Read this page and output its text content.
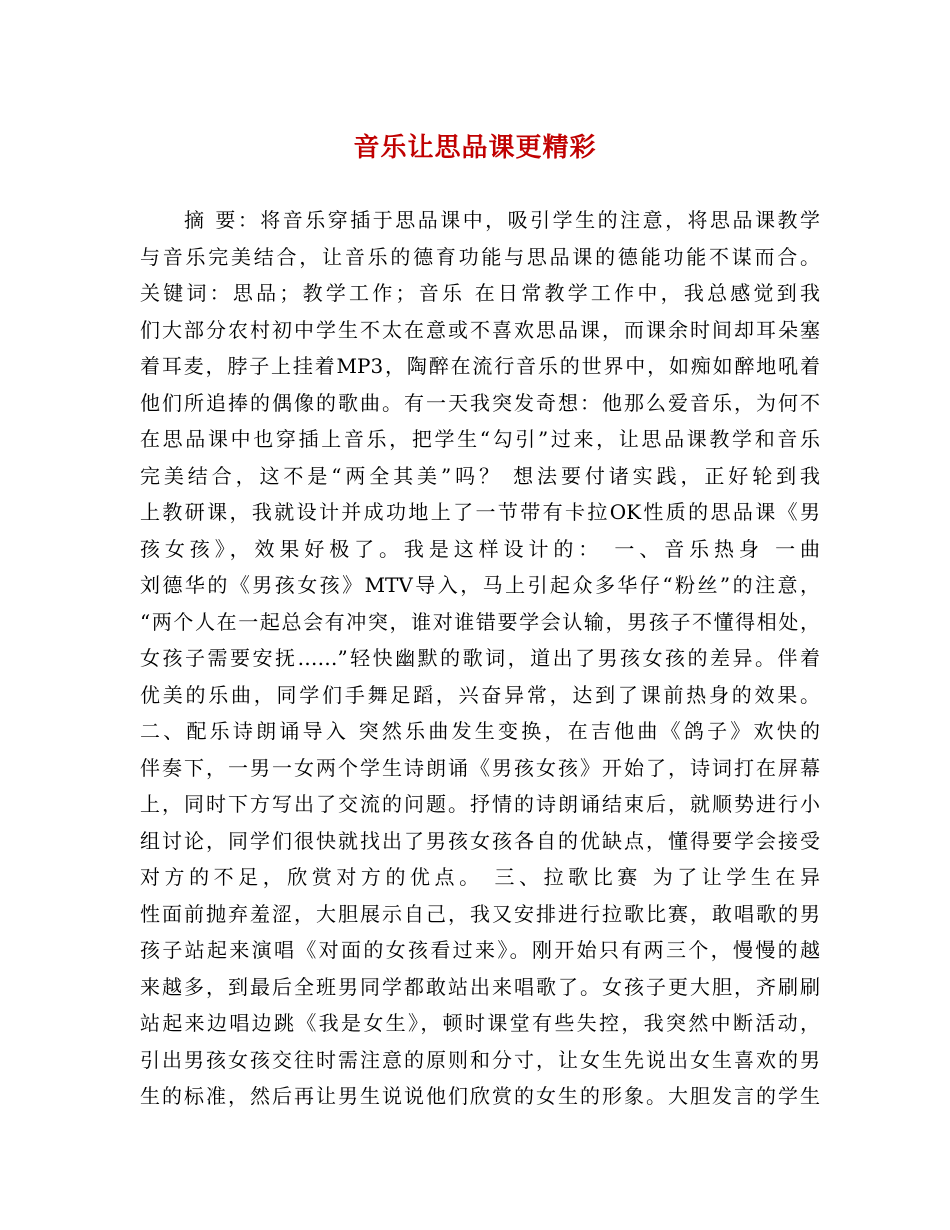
音乐让思品课更精彩
摘 要：将音乐穿插于思品课中，吸引学生的注意，将思品课教学
与音乐完美结合，让音乐的德育功能与思品课的德能功能不谋而合。
关键词：思品；教学工作；音乐 在日常教学工作中，我总感觉到我
们大部分农村初中学生不太在意或不喜欢思品课，而课余时间却耳朵塞
着耳麦，脖子上挂着MP3，陶醉在流行音乐的世界中，如痴如醉地吼着
他们所追捧的偶像的歌曲。有一天我突发奇想：他那么爱音乐，为何不
在思品课中也穿插上音乐，把学生“勾引”过来，让思品课教学和音乐
完美结合，这不是“两全其美”吗？ 想法要付诸实践，正好轮到我
上教研课，我就设计并成功地上了一节带有卡拉OK性质的思品课《男
孩女孩》，效果好极了。我是这样设计的： 一、音乐热身 一曲
刘德华的《男孩女孩》MTV导入，马上引起众多华仔“粉丝”的注意，
“两个人在一起总会有冲突，谁对谁错要学会认输，男孩子不懂得相处，
女孩子需要安抚……”轻快幽默的歌词，道出了男孩女孩的差异。伴着
优美的乐曲，同学们手舞足蹈，兴奋异常，达到了课前热身的效果。
二、配乐诗朗诵导入 突然乐曲发生变换，在吉他曲《鸽子》欢快的
伴奏下，一男一女两个学生诗朗诵《男孩女孩》开始了，诗词打在屏幕
上，同时下方写出了交流的问题。抒情的诗朗诵结束后，就顺势进行小
组讨论，同学们很快就找出了男孩女孩各自的优缺点，懂得要学会接受
对方的不足，欣赏对方的优点。 三、拉歌比赛 为了让学生在异
性面前抛弃羞涩，大胆展示自己，我又安排进行拉歌比赛，敢唱歌的男
孩子站起来演唱《对面的女孩看过来》。刚开始只有两三个，慢慢的越
来越多，到最后全班男同学都敢站出来唱歌了。女孩子更大胆，齐刷刷
站起来边唱边跳《我是女生》，顿时课堂有些失控，我突然中断活动，
引出男孩女孩交往时需注意的原则和分寸，让女生先说出女生喜欢的男
生的标准，然后再让男生说说他们欣赏的女生的形象。大胆发言的学生
